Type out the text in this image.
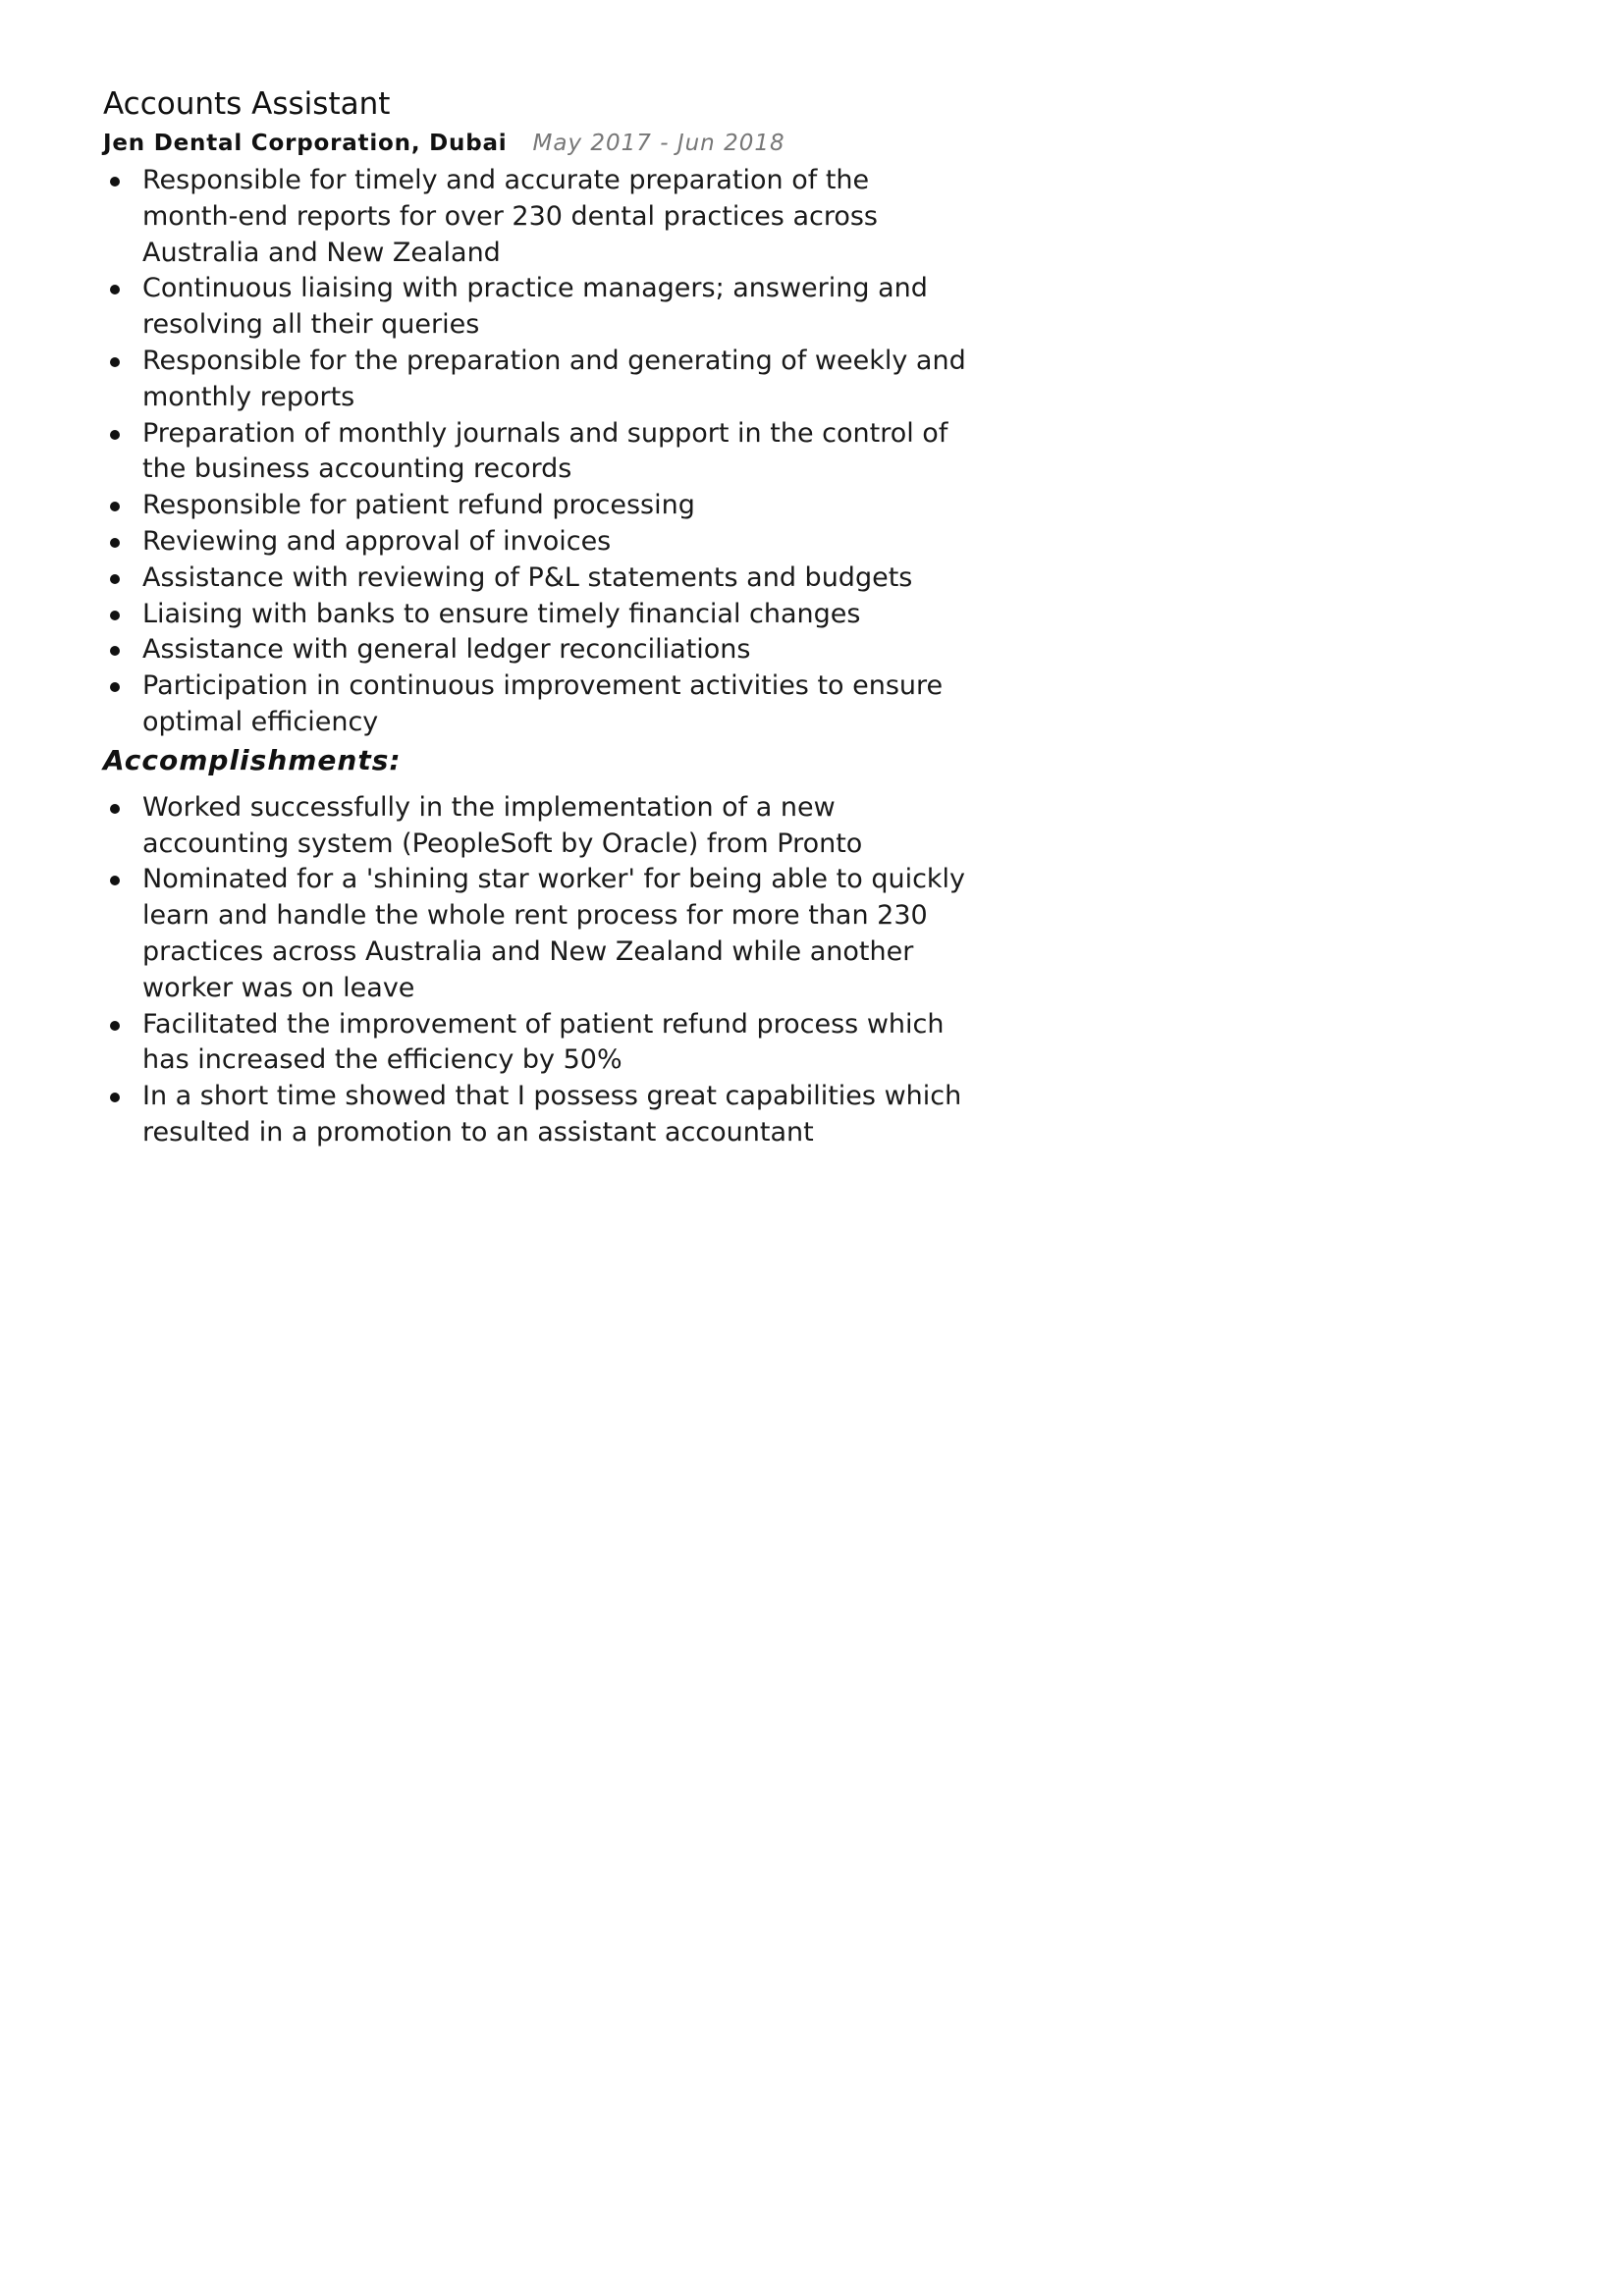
Accounts Assistant
Jen Dental Corporation, Dubai May 2017 - Jun 2018
Responsible for timely and accurate preparation of the month-end reports for over 230 dental practices across Australia and New Zealand
Continuous liaising with practice managers; answering and resolving all their queries
Responsible for the preparation and generating of weekly and monthly reports
Preparation of monthly journals and support in the control of the business accounting records
Responsible for patient refund processing
Reviewing and approval of invoices
Assistance with reviewing of P&L statements and budgets
Liaising with banks to ensure timely financial changes
Assistance with general ledger reconciliations
Participation in continuous improvement activities to ensure optimal efficiency
Accomplishments:
Worked successfully in the implementation of a new accounting system (PeopleSoft by Oracle) from Pronto
Nominated for a 'shining star worker' for being able to quickly learn and handle the whole rent process for more than 230 practices across Australia and New Zealand while another worker was on leave
Facilitated the improvement of patient refund process which has increased the efficiency by 50%
In a short time showed that I possess great capabilities which resulted in a promotion to an assistant accountant
